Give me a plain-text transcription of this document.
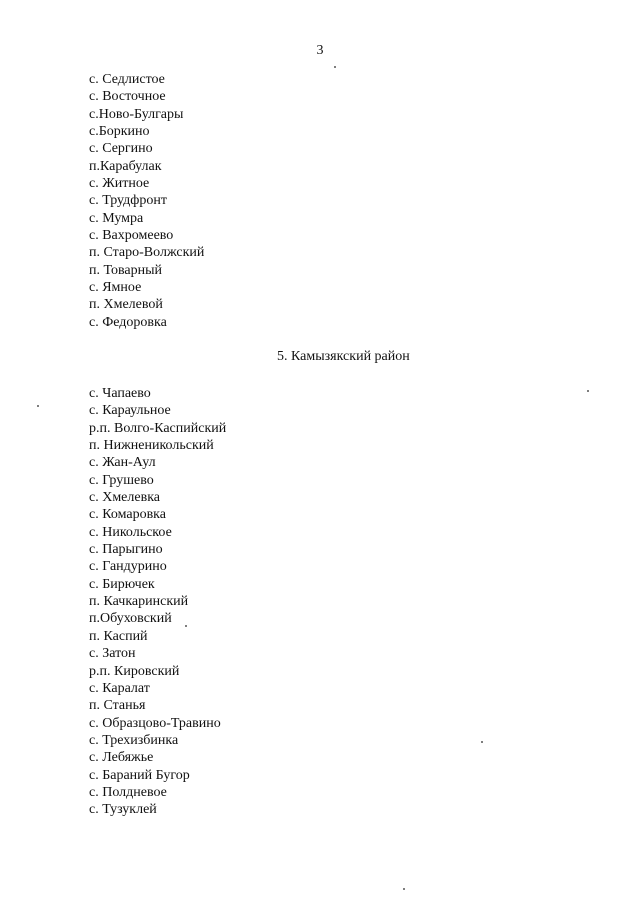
3
с. Седлистое
с. Восточное
с.Ново-Булгары
с.Боркино
с. Сергино
п.Карабулак
с. Житное
с. Трудфронт
с. Мумра
с. Вахромеево
п. Старо-Волжский
п. Товарный
с. Ямное
п. Хмелевой
с. Федоровка
5. Камызякский район
с. Чапаево
с. Караульное
р.п. Волго-Каспийский
п. Нижненикольский
с. Жан-Аул
с. Грушево
с. Хмелевка
с. Комаровка
с. Никольское
с. Парыгино
с. Гандурино
с. Бирючек
п. Качкаринский
п.Обуховский
п. Каспий
с. Затон
р.п. Кировский
с. Каралат
п. Станья
с. Образцово-Травино
с. Трехизбинка
с. Лебяжье
с. Бараний Бугор
с. Полдневое
с. Тузуклей
